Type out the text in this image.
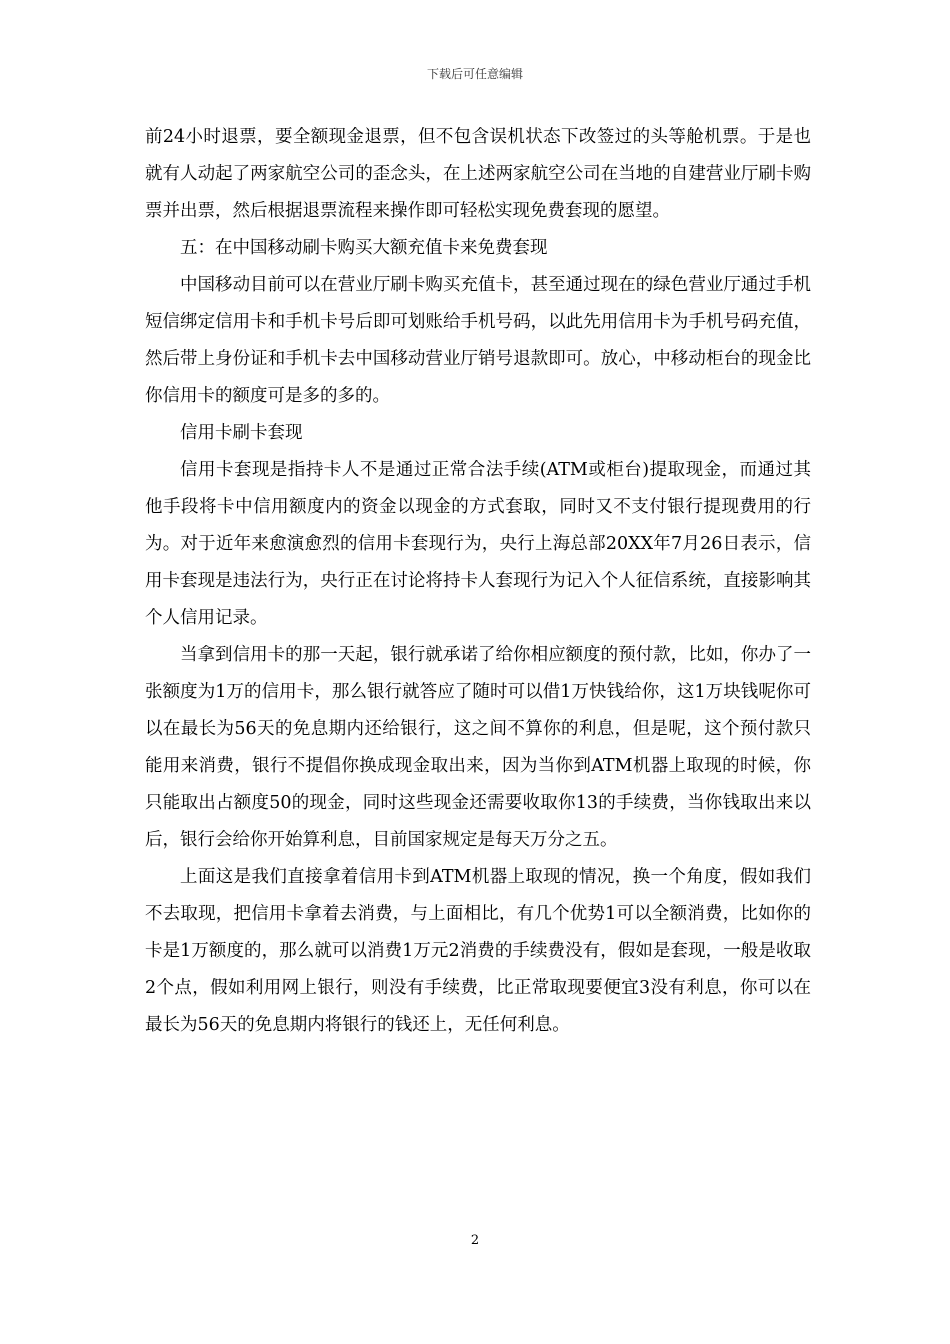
下载后可任意编辑

前24小时退票，要全额现金退票，但不包含误机状态下改签过的头等舱机票。于是也就有人动起了两家航空公司的歪念头，在上述两家航空公司在当地的自建营业厅刷卡购票并出票，然后根据退票流程来操作即可轻松实现免费套现的愿望。

五：在中国移动刷卡购买大额充值卡来免费套现

中国移动目前可以在营业厅刷卡购买充值卡，甚至通过现在的绿色营业厅通过手机短信绑定信用卡和手机卡号后即可划账给手机号码，以此先用信用卡为手机号码充值，然后带上身份证和手机卡去中国移动营业厅销号退款即可。放心，中移动柜台的现金比你信用卡的额度可是多的多的。

信用卡刷卡套现

信用卡套现是指持卡人不是通过正常合法手续(ATM或柜台)提取现金，而通过其他手段将卡中信用额度内的资金以现金的方式套取，同时又不支付银行提现费用的行为。对于近年来愈演愈烈的信用卡套现行为，央行上海总部20XX年7月26日表示，信用卡套现是违法行为，央行正在讨论将持卡人套现行为记入个人征信系统，直接影响其个人信用记录。

当拿到信用卡的那一天起，银行就承诺了给你相应额度的预付款，比如，你办了一张额度为1万的信用卡，那么银行就答应了随时可以借1万快钱给你，这1万块钱呢你可以在最长为56天的免息期内还给银行，这之间不算你的利息，但是呢，这个预付款只能用来消费，银行不提倡你换成现金取出来，因为当你到ATM机器上取现的时候，你只能取出占额度50的现金，同时这些现金还需要收取你13的手续费，当你钱取出来以后，银行会给你开始算利息，目前国家规定是每天万分之五。

上面这是我们直接拿着信用卡到ATM机器上取现的情况，换一个角度，假如我们不去取现，把信用卡拿着去消费，与上面相比，有几个优势1可以全额消费，比如你的卡是1万额度的，那么就可以消费1万元2消费的手续费没有，假如是套现，一般是收取2个点，假如利用网上银行，则没有手续费，比正常取现要便宜3没有利息，你可以在最长为56天的免息期内将银行的钱还上，无任何利息。

2
